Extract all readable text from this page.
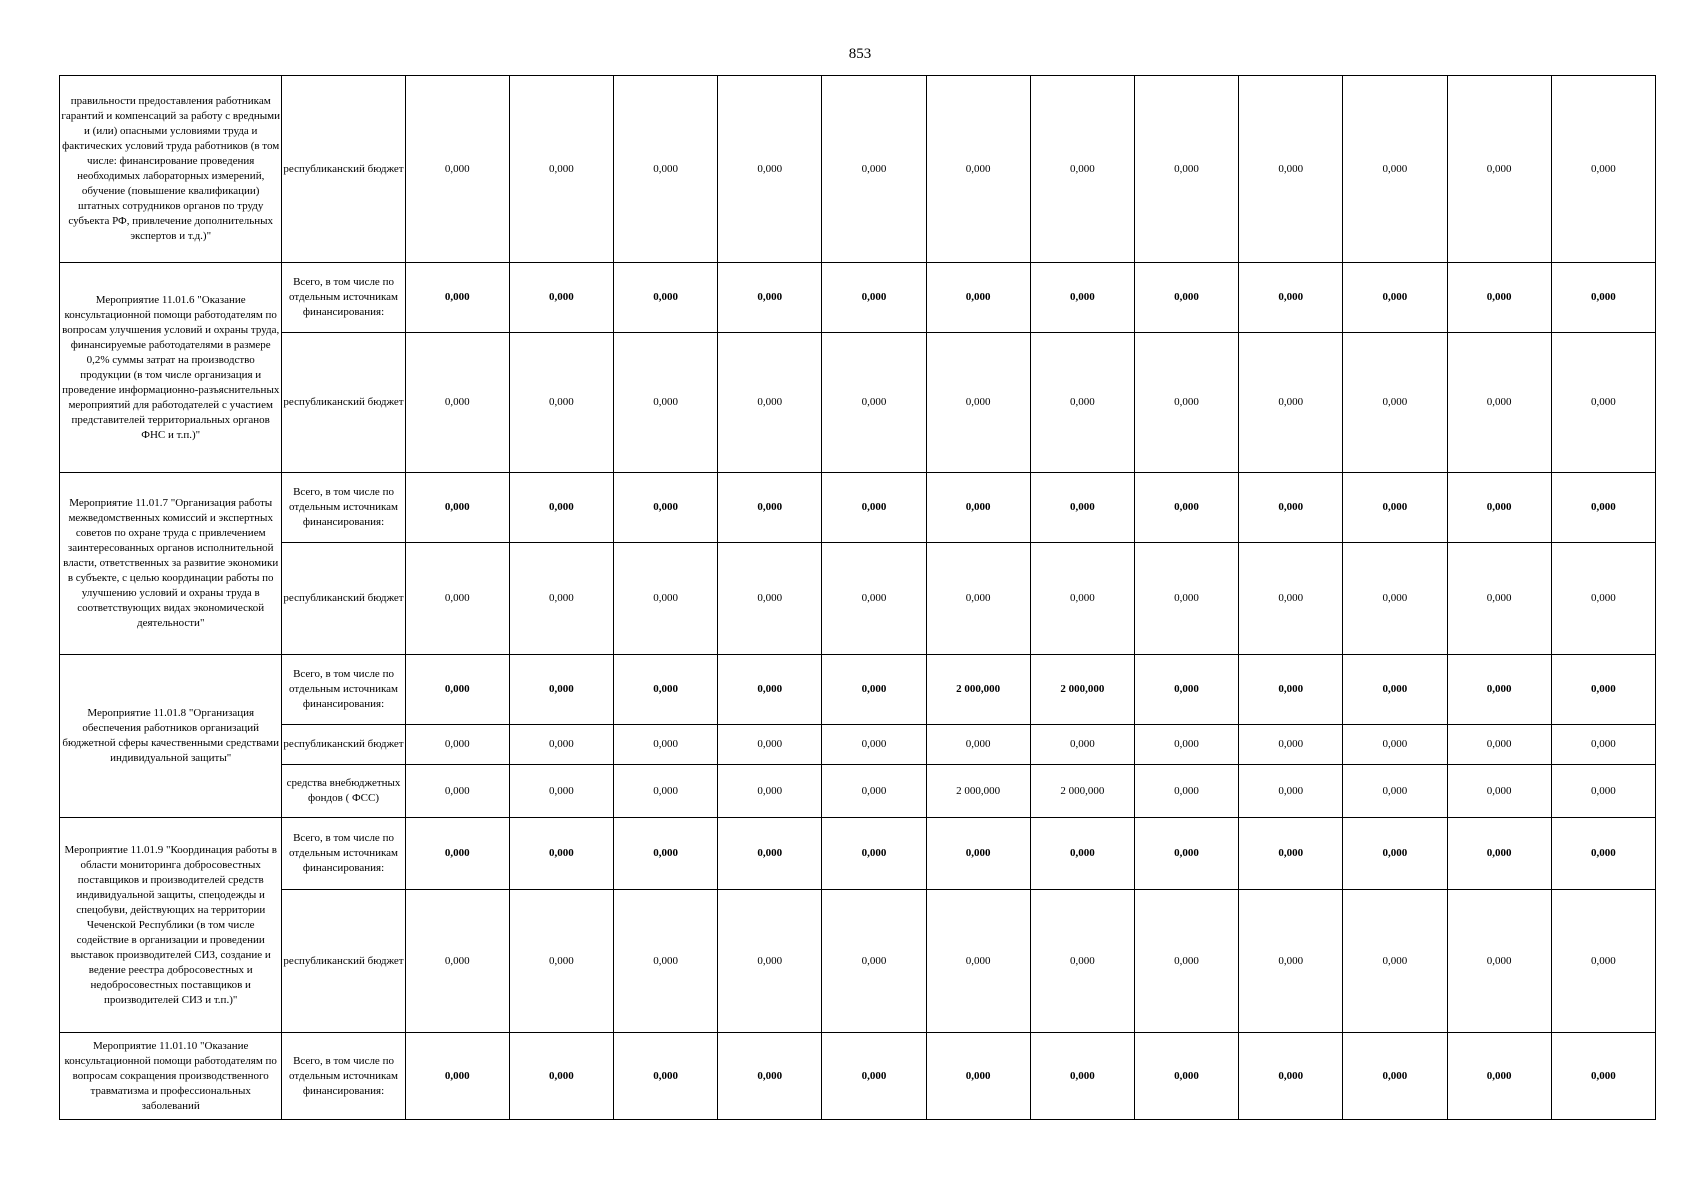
853
правильности предоставления работникам гарантий и компенсаций за работу с вредными и (или) опасными условиями труда и фактических условий труда работников (в том числе: финансирование проведения необходимых лабораторных измерений, обучение (повышение квалификации) штатных сотрудников органов по труду субъекта РФ, привлечение дополнительных экспертов и т.д.)"	республиканский бюджет	0,000	0,000	0,000	0,000	0,000	0,000	0,000	0,000	0,000	0,000	0,000	0,000
Мероприятие 11.01.6 "Оказание консультационной помощи работодателям по вопросам улучшения условий и охраны труда, финансируемые работодателями в размере 0,2% суммы затрат на производство продукции (в том числе организация и проведение информационно-разъяснительных мероприятий для работодателей с участием представителей территориальных органов ФНС и т.п.)"	Всего, в том числе по отдельным источникам финансирования:	0,000	0,000	0,000	0,000	0,000	0,000	0,000	0,000	0,000	0,000	0,000	0,000
	республиканский бюджет	0,000	0,000	0,000	0,000	0,000	0,000	0,000	0,000	0,000	0,000	0,000	0,000
Мероприятие 11.01.7 "Организация работы межведомственных комиссий и экспертных советов по охране труда с привлечением заинтересованных органов исполнительной власти, ответственных за развитие экономики в субъекте, с целью координации работы по улучшению условий и охраны труда в соответствующих видах экономической деятельности"	Всего, в том числе по отдельным источникам финансирования:	0,000	0,000	0,000	0,000	0,000	0,000	0,000	0,000	0,000	0,000	0,000	0,000
	республиканский бюджет	0,000	0,000	0,000	0,000	0,000	0,000	0,000	0,000	0,000	0,000	0,000	0,000
Мероприятие 11.01.8 "Организация обеспечения работников организаций бюджетной сферы качественными средствами индивидуальной защиты"	Всего, в том числе по отдельным источникам финансирования:	0,000	0,000	0,000	0,000	0,000	2 000,000	2 000,000	0,000	0,000	0,000	0,000	0,000
	республиканский бюджет	0,000	0,000	0,000	0,000	0,000	0,000	0,000	0,000	0,000	0,000	0,000	0,000
	средства внебюджетных фондов ( ФСС)	0,000	0,000	0,000	0,000	0,000	2 000,000	2 000,000	0,000	0,000	0,000	0,000	0,000
Мероприятие 11.01.9 "Координация работы в области мониторинга добросовестных поставщиков и производителей средств индивидуальной защиты, спецодежды и спецобуви, действующих на территории Чеченской Республики (в том числе содействие в организации и проведении выставок производителей СИЗ, создание и ведение реестра добросовестных и недобросовестных поставщиков и производителей СИЗ и т.п.)"	Всего, в том числе по отдельным источникам финансирования:	0,000	0,000	0,000	0,000	0,000	0,000	0,000	0,000	0,000	0,000	0,000	0,000
	республиканский бюджет	0,000	0,000	0,000	0,000	0,000	0,000	0,000	0,000	0,000	0,000	0,000	0,000
Мероприятие 11.01.10 "Оказание консультационной помощи работодателям по вопросам сокращения производственного травматизма и профессиональных заболеваний	Всего, в том числе по отдельным источникам финансирования:	0,000	0,000	0,000	0,000	0,000	0,000	0,000	0,000	0,000	0,000	0,000	0,000
